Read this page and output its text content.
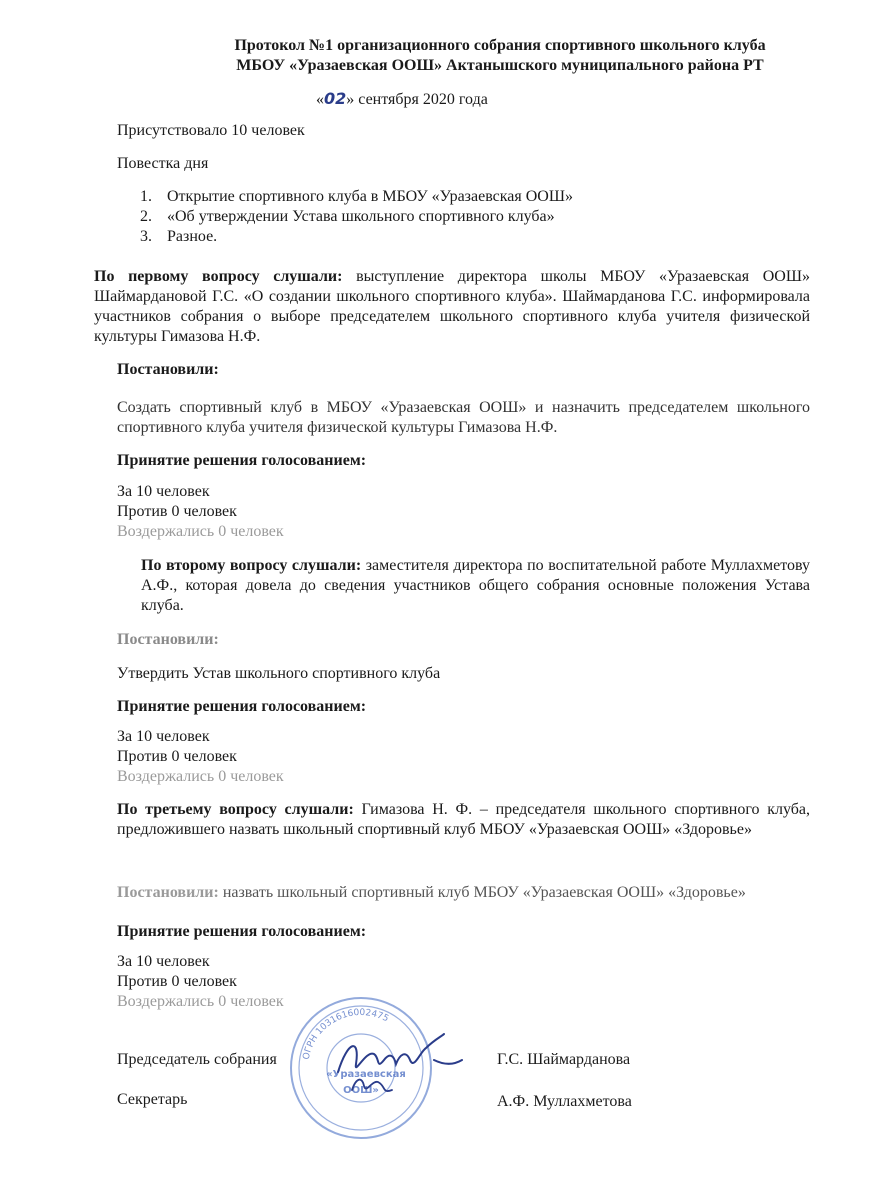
Протокол №1 организационного собрания спортивного школьного клуба
МБОУ «Уразаевская ООШ» Актанышского муниципального района РТ
«02» сентября 2020 года
Присутствовало 10 человек
Повестка дня
1. Открытие спортивного клуба в МБОУ «Уразаевская ООШ»
2. «Об утверждении Устава школьного спортивного клуба»
3. Разное.
По первому вопросу слушали: выступление директора школы МБОУ «Уразаевская ООШ» Шаймардановой Г.С. «О создании школьного спортивного клуба». Шаймарданова Г.С. информировала участников собрания о выборе председателем школьного спортивного клуба учителя физической культуры Гимазова Н.Ф.
Постановили:
Создать спортивный клуб в МБОУ «Уразаевская ООШ» и назначить председателем школьного спортивного клуба учителя физической культуры Гимазова Н.Ф.
Принятие решения голосованием:
За 10 человек
Против 0 человек
Воздержались 0 человек
По второму вопросу слушали: заместителя директора по воспитательной работе Муллахметову А.Ф., которая довела до сведения участников общего собрания основные положения Устава клуба.
Постановили:
Утвердить Устав школьного спортивного клуба
Принятие решения голосованием:
За 10 человек
Против 0 человек
Воздержались 0 человек
По третьему вопросу слушали: Гимазова Н. Ф. – председателя школьного спортивного клуба, предложившего назвать школьный спортивный клуб МБОУ «Уразаевская ООШ» «Здоровье»
Постановили: назвать школьный спортивный клуб МБОУ «Уразаевская ООШ» «Здоровье»
Принятие решения голосованием:
За 10 человек
Против 0 человек
Воздержались 0 человек
Председатель собрания	Г.С. Шаймарданова
Секретарь	А.Ф. Муллахметова
ОГРН 1031616002475
«Уразаевская
ООШ»
